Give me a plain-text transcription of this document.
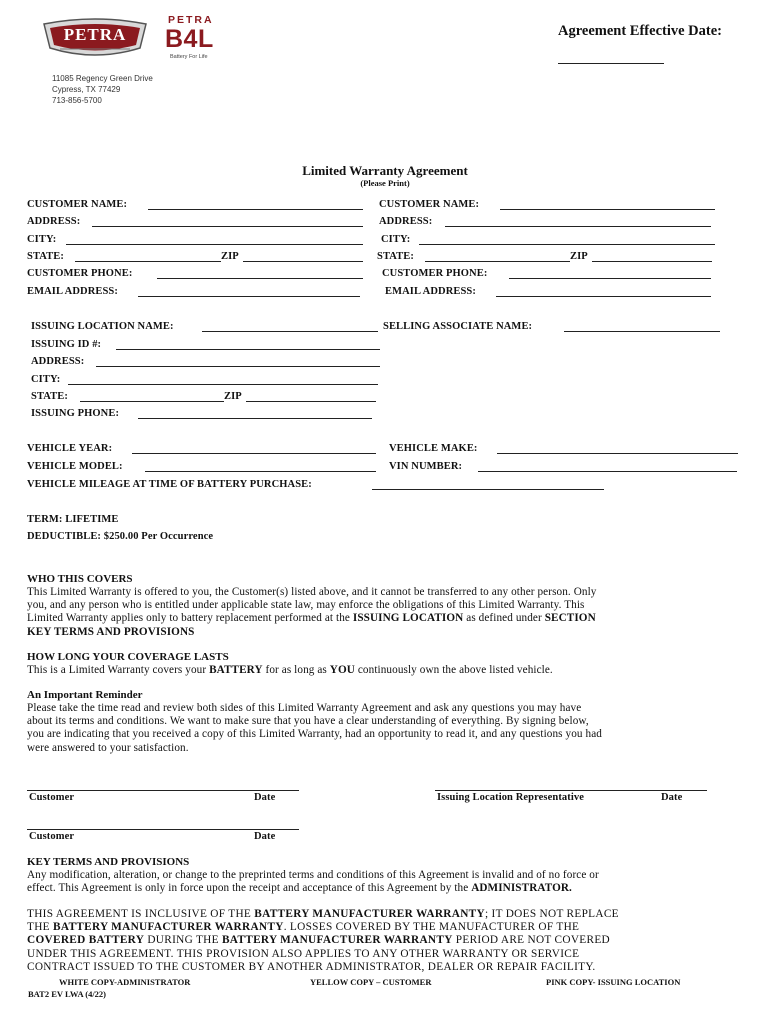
PETRA
PETRA
B4L
Battery For Life
Agreement Effective Date:
11085 Regency Green Drive
Cypress, TX 77429
713-856-5700
Limited Warranty Agreement
(Please Print)
CUSTOMER NAME:
ADDRESS:
CITY:
STATE:	ZIP
CUSTOMER PHONE:
EMAIL ADDRESS:
CUSTOMER NAME:
ADDRESS:
CITY:
STATE:	ZIP
CUSTOMER PHONE:
EMAIL ADDRESS:
ISSUING LOCATION NAME:	SELLING ASSOCIATE NAME:
ISSUING ID #:
ADDRESS:
CITY:
STATE:	ZIP
ISSUING PHONE:
VEHICLE YEAR:	VEHICLE MAKE:
VEHICLE MODEL:	VIN NUMBER:
VEHICLE MILEAGE AT TIME OF BATTERY PURCHASE:
TERM: LIFETIME
DEDUCTIBLE: $250.00 Per Occurrence
WHO THIS COVERS
This Limited Warranty is offered to you, the Customer(s) listed above, and it cannot be transferred to any other person. Only
you, and any person who is entitled under applicable state law, may enforce the obligations of this Limited Warranty. This
Limited Warranty applies only to battery replacement performed at the ISSUING LOCATION as defined under SECTION
KEY TERMS AND PROVISIONS
HOW LONG YOUR COVERAGE LASTS
This is a Limited Warranty covers your BATTERY for as long as YOU continuously own the above listed vehicle.
An Important Reminder
Please take the time read and review both sides of this Limited Warranty Agreement and ask any questions you may have
about its terms and conditions. We want to make sure that you have a clear understanding of everything. By signing below,
you are indicating that you received a copy of this Limited Warranty, had an opportunity to read it, and any questions you had
were answered to your satisfaction.
Customer	Date	Issuing Location Representative	Date
Customer	Date
KEY TERMS AND PROVISIONS
Any modification, alteration, or change to the preprinted terms and conditions of this Agreement is invalid and of no force or
effect. This Agreement is only in force upon the receipt and acceptance of this Agreement by the ADMINISTRATOR.
THIS AGREEMENT IS INCLUSIVE OF THE BATTERY MANUFACTURER WARRANTY; IT DOES NOT REPLACE
THE BATTERY MANUFACTURER WARRANTY. LOSSES COVERED BY THE MANUFACTURER OF THE
COVERED BATTERY DURING THE BATTERY MANUFACTURER WARRANTY PERIOD ARE NOT COVERED
UNDER THIS AGREEMENT. THIS PROVISION ALSO APPLIES TO ANY OTHER WARRANTY OR SERVICE
CONTRACT ISSUED TO THE CUSTOMER BY ANOTHER ADMINISTRATOR, DEALER OR REPAIR FACILITY.
WHITE COPY-ADMINISTRATOR	YELLOW COPY – CUSTOMER	PINK COPY- ISSUING LOCATION
BAT2 EV LWA (4/22)
